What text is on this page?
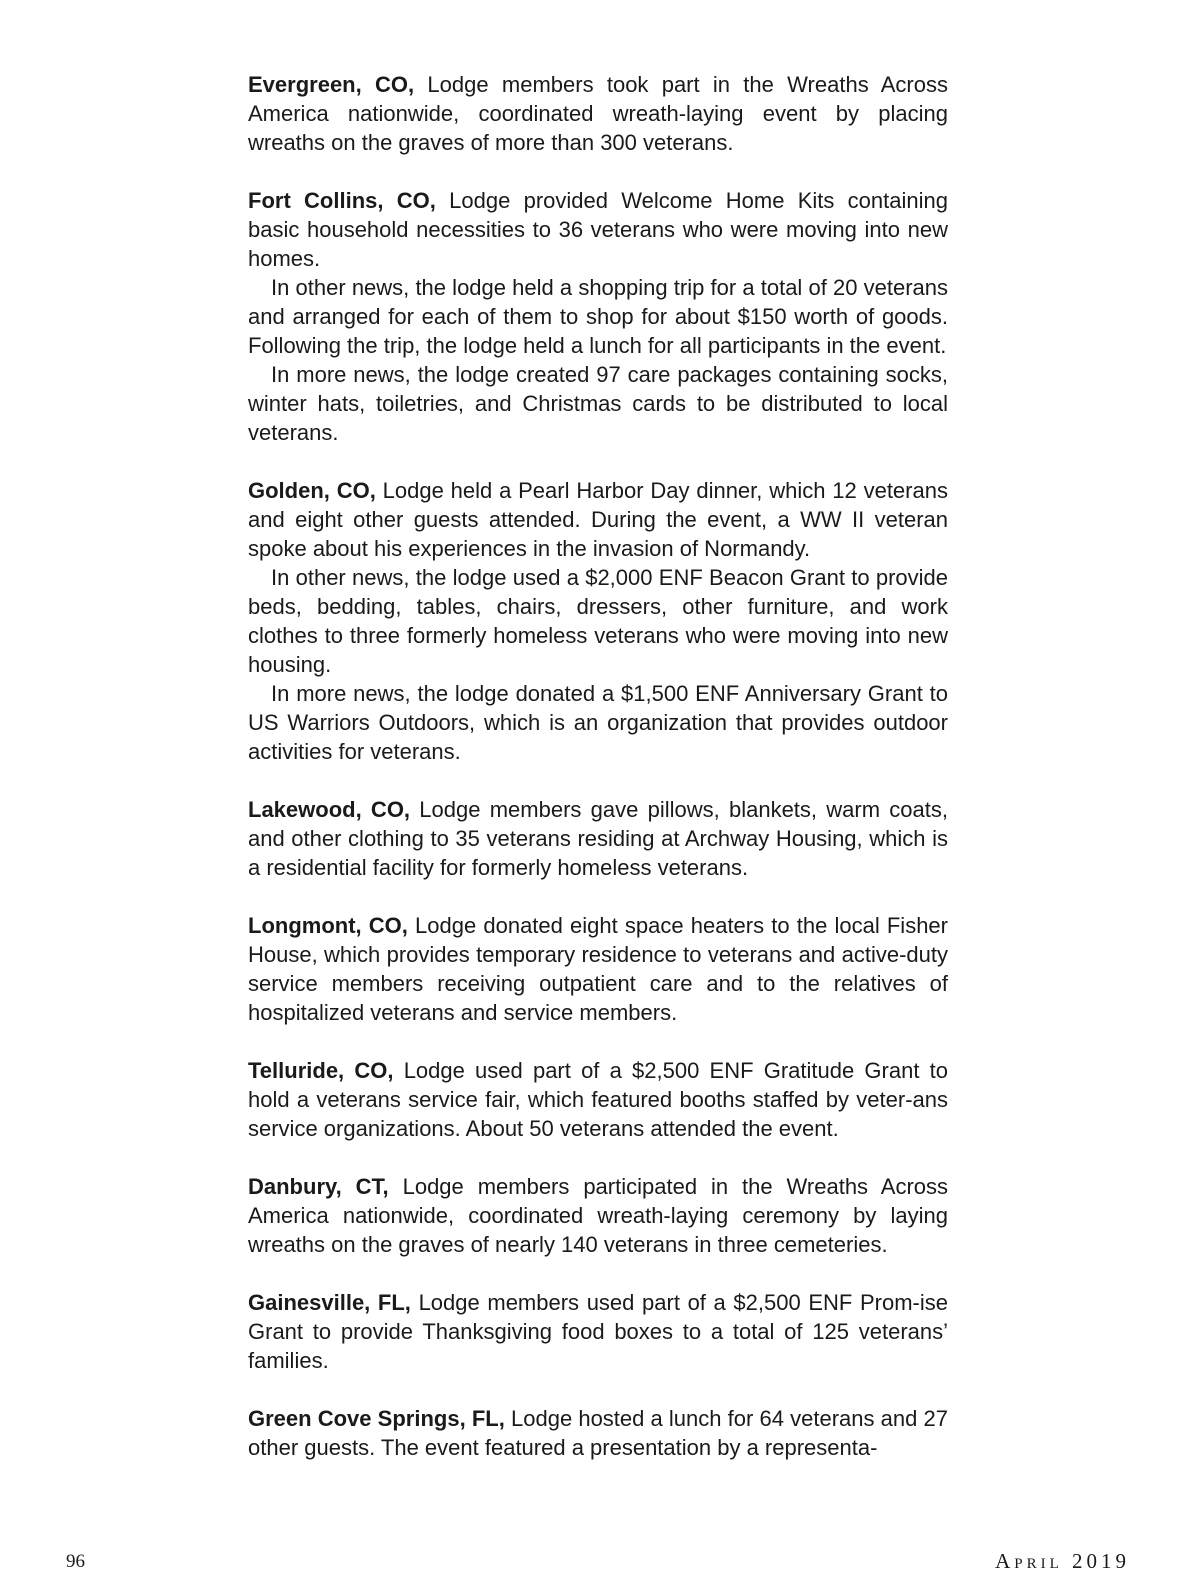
Evergreen, CO, Lodge members took part in the Wreaths Across America nationwide, coordinated wreath-laying event by placing wreaths on the graves of more than 300 veterans.

Fort Collins, CO, Lodge provided Welcome Home Kits containing basic household necessities to 36 veterans who were moving into new homes.

In other news, the lodge held a shopping trip for a total of 20 veterans and arranged for each of them to shop for about $150 worth of goods. Following the trip, the lodge held a lunch for all participants in the event.

In more news, the lodge created 97 care packages containing socks, winter hats, toiletries, and Christmas cards to be distributed to local veterans.

Golden, CO, Lodge held a Pearl Harbor Day dinner, which 12 veterans and eight other guests attended. During the event, a WW II veteran spoke about his experiences in the invasion of Normandy.

In other news, the lodge used a $2,000 ENF Beacon Grant to provide beds, bedding, tables, chairs, dressers, other furniture, and work clothes to three formerly homeless veterans who were moving into new housing.

In more news, the lodge donated a $1,500 ENF Anniversary Grant to US Warriors Outdoors, which is an organization that provides outdoor activities for veterans.

Lakewood, CO, Lodge members gave pillows, blankets, warm coats, and other clothing to 35 veterans residing at Archway Housing, which is a residential facility for formerly homeless veterans.

Longmont, CO, Lodge donated eight space heaters to the local Fisher House, which provides temporary residence to veterans and active-duty service members receiving outpatient care and to the relatives of hospitalized veterans and service members.

Telluride, CO, Lodge used part of a $2,500 ENF Gratitude Grant to hold a veterans service fair, which featured booths staffed by veter-ans service organizations. About 50 veterans attended the event.

Danbury, CT, Lodge members participated in the Wreaths Across America nationwide, coordinated wreath-laying ceremony by laying wreaths on the graves of nearly 140 veterans in three cemeteries.

Gainesville, FL, Lodge members used part of a $2,500 ENF Prom-ise Grant to provide Thanksgiving food boxes to a total of 125 veterans’ families.

Green Cove Springs, FL, Lodge hosted a lunch for 64 veterans and 27 other guests. The event featured a presentation by a representa-

96	April 2019
